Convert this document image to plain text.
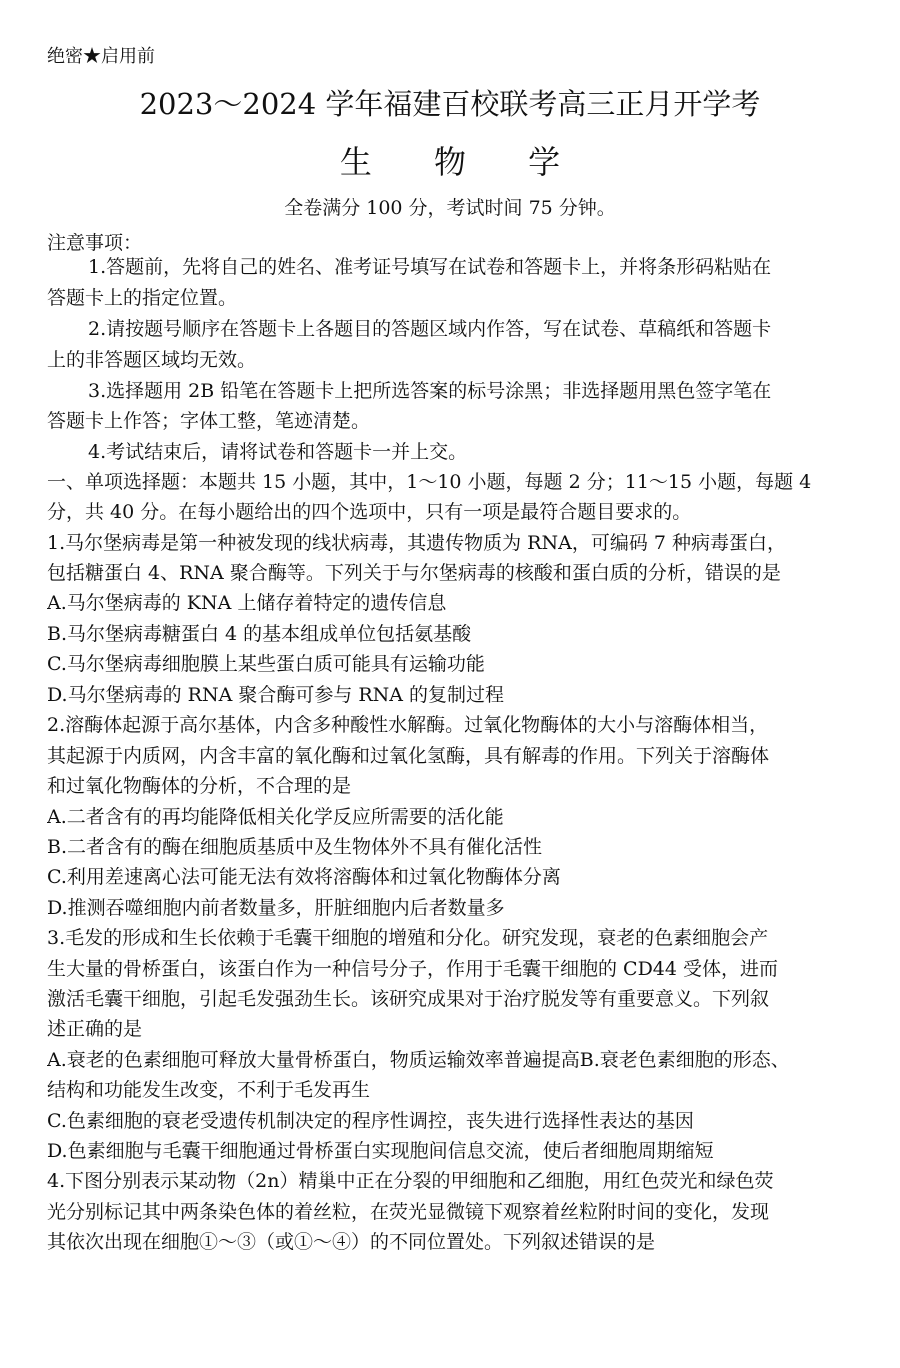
绝密★启用前
2023～2024 学年福建百校联考高三正月开学考
生 物 学
全卷满分 100 分，考试时间 75 分钟。
注意事项：
1.答题前，先将自己的姓名、准考证号填写在试卷和答题卡上，并将条形码粘贴在
答题卡上的指定位置。
2.请按题号顺序在答题卡上各题目的答题区域内作答，写在试卷、草稿纸和答题卡
上的非答题区域均无效。
3.选择题用 2B 铅笔在答题卡上把所选答案的标号涂黑；非选择题用黑色签字笔在
答题卡上作答；字体工整，笔迹清楚。
4.考试结束后，请将试卷和答题卡一并上交。
一、单项选择题：本题共 15 小题，其中，1～10 小题，每题 2 分；11～15 小题，每题 4
分，共 40 分。在每小题给出的四个选项中，只有一项是最符合题目要求的。
1.马尔堡病毒是第一种被发现的线状病毒，其遗传物质为 RNA，可编码 7 种病毒蛋白，
包括糖蛋白 4、RNA 聚合酶等。下列关于与尔堡病毒的核酸和蛋白质的分析，错误的是
A.马尔堡病毒的 KNA 上储存着特定的遗传信息
B.马尔堡病毒糖蛋白 4 的基本组成单位包括氨基酸
C.马尔堡病毒细胞膜上某些蛋白质可能具有运输功能
D.马尔堡病毒的 RNA 聚合酶可参与 RNA 的复制过程
2.溶酶体起源于高尔基体，内含多种酸性水解酶。过氧化物酶体的大小与溶酶体相当，
其起源于内质网，内含丰富的氧化酶和过氧化氢酶，具有解毒的作用。下列关于溶酶体
和过氧化物酶体的分析，不合理的是
A.二者含有的再均能降低相关化学反应所需要的活化能
B.二者含有的酶在细胞质基质中及生物体外不具有催化活性
C.利用差速离心法可能无法有效将溶酶体和过氧化物酶体分离
D.推测吞噬细胞内前者数量多，肝脏细胞内后者数量多
3.毛发的形成和生长依赖于毛囊干细胞的增殖和分化。研究发现，衰老的色素细胞会产
生大量的骨桥蛋白，该蛋白作为一种信号分子，作用于毛囊干细胞的 CD44 受体，进而
激活毛囊干细胞，引起毛发强劲生长。该研究成果对于治疗脱发等有重要意义。下列叙
述正确的是
A.衰老的色素细胞可释放大量骨桥蛋白，物质运输效率普遍提高B.衰老色素细胞的形态、
结构和功能发生改变，不利于毛发再生
C.色素细胞的衰老受遗传机制决定的程序性调控，丧失进行选择性表达的基因
D.色素细胞与毛囊干细胞通过骨桥蛋白实现胞间信息交流，使后者细胞周期缩短
4.下图分别表示某动物（2n）精巢中正在分裂的甲细胞和乙细胞，用红色荧光和绿色荧
光分别标记其中两条染色体的着丝粒，在荧光显微镜下观察着丝粒附时间的变化，发现
其依次出现在细胞①～③（或①～④）的不同位置处。下列叙述错误的是
